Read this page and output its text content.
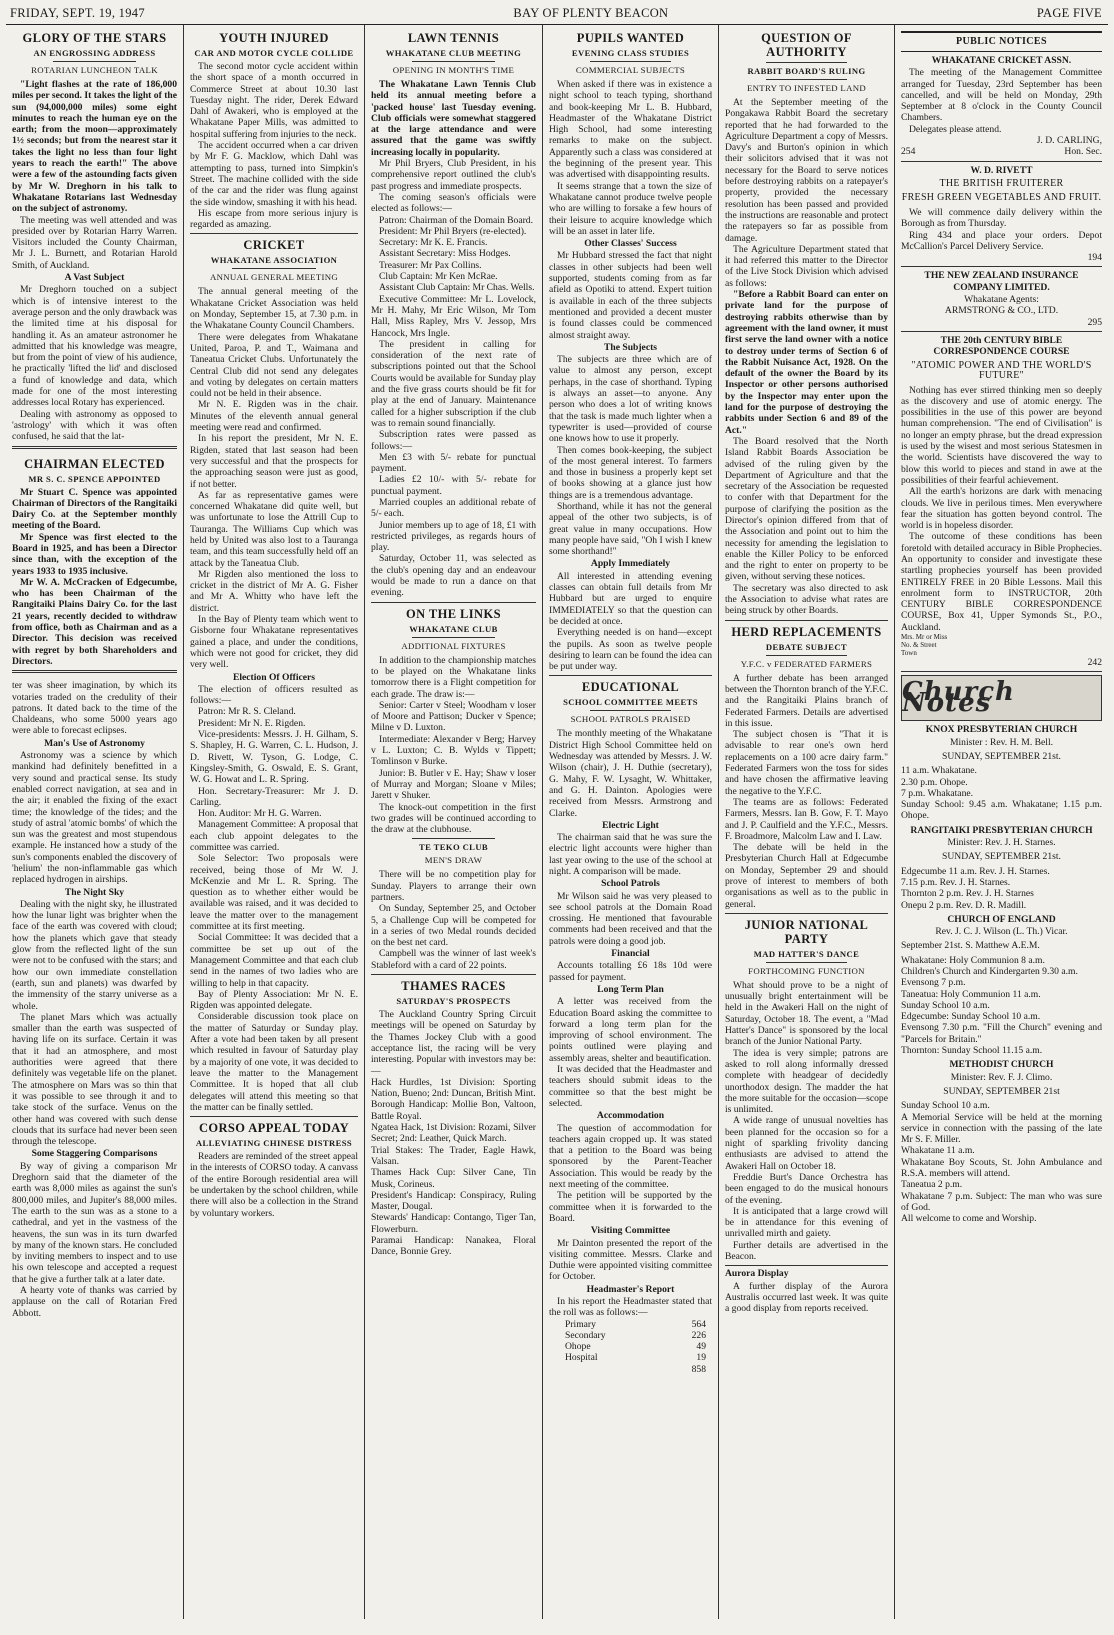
FRIDAY, SEPT. 19, 1947	BAY OF PLENTY BEACON	PAGE FIVE
GLORY OF THE STARS
AN ENGROSSING ADDRESS
ROTARIAN LUNCHEON TALK

"Light flashes at the rate of 186,000 miles per second. It takes the light of the sun (94,000,000 miles) some eight minutes to reach the human eye on the earth; from the moon—approximately 1½ seconds; but from the nearest star it takes the light no less than four light years to reach the earth!" The above were a few of the astounding facts given by Mr W. Dreghorn in his talk to Whakatane Rotarians last Wednesday on the subject of astronomy.

The meeting was well attended and was presided over by Rotarian Harry Warren. Visitors included the County Chairman, Mr J. L. Burnett, and Rotarian Harold Smith, of Auckland.

A Vast Subject

Mr Dreghorn touched on a subject which is of intensive interest to the average person and the only drawback was the limited time at his disposal for handling it. As an amateur astronomer he admitted that his knowledge was meagre, but from the point of view of his audience, he practically 'lifted the lid' and disclosed a fund of knowledge and data, which made for one of the most interesting addresses local Rotary has experienced.

Dealing with astronomy as opposed to 'astrology' with which it was often confused, he said that the lat-

CHAIRMAN ELECTED
MR S. C. SPENCE APPOINTED

Mr Stuart C. Spence was appointed Chairman of Directors of the Rangitaiki Dairy Co. at the September monthly meeting of the Board.

Mr Spence was first elected to the Board in 1925, and has been a Director since than, with the exception of the years 1933 to 1935 inclusive.

Mr W. A. McCracken of Edgecumbe, who has been Chairman of the Rangitaiki Plains Dairy Co. for the last 21 years, recently decided to withdraw from office, both as Chairman and as a Director. This decision was received with regret by both Shareholders and Directors.

ter was sheer imagination, by which its votaries traded on the credulity of their patrons. It dated back to the time of the Chaldeans, who some 5000 years ago were able to forecast eclipses.

Man's Use of Astronomy

Astronomy was a science by which mankind had definitely benefitted in a very sound and practical sense. Its study enabled correct navigation, at sea and in the air; it enabled the fixing of the exact time; the knowledge of the tides; and the study of astral 'atomic bombs' of which the sun was the greatest and most stupendous example. He instanced how a study of the sun's components enabled the discovery of 'helium' the non-inflammable gas which replaced hydrogen in airships.

The Night Sky

Dealing with the night sky, he illustrated how the lunar light was brighter when the face of the earth was covered with cloud; how the planets which gave that steady glow from the reflected light of the sun were not to be confused with the stars; and how our own immediate constellation (earth, sun and planets) was dwarfed by the immensity of the starry universe as a whole.

The planet Mars which was actually smaller than the earth was suspected of having life on its surface. Certain it was that it had an atmosphere, and most authorities were agreed that there definitely was vegetable life on the planet. The atmosphere on Mars was so thin that it was possible to see through it and to take stock of the surface. Venus on the other hand was covered with such dense clouds that its surface had never been seen through the telescope.

Some Staggering Comparisons

By way of giving a comparison Mr Dreghorn said that the diameter of the earth was 8,000 miles as against the sun's 800,000 miles, and Jupiter's 88,000 miles. The earth to the sun was as a stone to a cathedral, and yet in the vastness of the heavens, the sun was in its turn dwarfed by many of the known stars. He concluded by inviting members to inspect and to use his own telescope and accepted a request that he give a further talk at a later date.

A hearty vote of thanks was carried by applause on the call of Rotarian Fred Abbott.

YOUTH INJURED
CAR AND MOTOR CYCLE COLLIDE

The second motor cycle accident within the short space of a month occurred in Commerce Street at about 10.30 last Tuesday night. The rider, Derek Edward Dahl of Awakeri, who is employed at the Whakatane Paper Mills, was admitted to hospital suffering from injuries to the neck.

The accident occurred when a car driven by Mr F. G. Macklow, which Dahl was attempting to pass, turned into Simpkin's Street. The machine collided with the side of the car and the rider was flung against the side window, smashing it with his head.

His escape from more serious injury is regarded as amazing.

CRICKET
WHAKATANE ASSOCIATION
ANNUAL GENERAL MEETING

The annual general meeting of the Whakatane Cricket Association was held on Monday, September 15, at 7.30 p.m. in the Whakatane County Council Chambers.

There were delegates from Whakatane United, Paroa, P. and T., Waimana and Taneatua Cricket Clubs. Unfortunately the Central Club did not send any delegates and voting by delegates on certain matters could not be held in their absence.

Mr N. E. Rigden was in the chair. Minutes of the eleventh annual general meeting were read and confirmed.

In his report the president, Mr N. E. Rigden, stated that last season had been very successful and that the prospects for the approaching season were just as good, if not better.

As far as representative games were concerned Whakatane did quite well, but was unfortunate to lose the Attrill Cup to Tauranga. The Williams Cup which was held by United was also lost to a Tauranga team, and this team successfully held off an attack by the Taneatua Club.

Mr Rigden also mentioned the loss to cricket in the district of Mr A. G. Fisher and Mr A. Whitty who have left the district.

In the Bay of Plenty team which went to Gisborne four Whakatane representatives gained a place, and under the conditions, which were not good for cricket, they did very well.

Election Of Officers

The election of officers resulted as follows:—

Patron: Mr R. S. Cleland.

President: Mr N. E. Rigden.

Vice-presidents: Messrs. J. H. Gilham, S. S. Shapley, H. G. Warren, C. L. Hudson, J. D. Rivett, W. Tyson, G. Lodge, C. Kingsley-Smith, G. Oswald, E. S. Grant, W. G. Howat and L. R. Spring.

Hon. Secretary-Treasurer: Mr J. D. Carling.

Hon. Auditor: Mr H. G. Warren.

Management Committee: A proposal that each club appoint delegates to the committee was carried.

Sole Selector: Two proposals were received, being those of Mr W. J. McKenzie and Mr L. R. Spring. The question as to whether either would be available was raised, and it was decided to leave the matter over to the management committee at its first meeting.

Social Committee: It was decided that a committee be set up out of the Management Committee and that each club send in the names of two ladies who are willing to help in that capacity.

Bay of Plenty Association: Mr N. E. Rigden was appointed delegate.

Considerable discussion took place on the matter of Saturday or Sunday play. After a vote had been taken by all present which resulted in favour of Saturday play by a majority of one vote, it was decided to leave the matter to the Management Committee. It is hoped that all club delegates will attend this meeting so that the matter can be finally settled.

CORSO APPEAL TODAY
ALLEVIATING CHINESE DISTRESS

Readers are reminded of the street appeal in the interests of CORSO today. A canvass of the entire Borough residential area will be undertaken by the school children, while there will also be a collection in the Strand by voluntary workers.

LAWN TENNIS
WHAKATANE CLUB MEETING
OPENING IN MONTH'S TIME

The Whakatane Lawn Tennis Club held its annual meeting before a 'packed house' last Tuesday evening. Club officials were somewhat staggered at the large attendance and were assured that the game was swiftly increasing locally in popularity.

Mr Phil Bryers, Club President, in his comprehensive report outlined the club's past progress and immediate prospects.

The coming season's officials were elected as follows:—

Patron: Chairman of the Domain Board.

President: Mr Phil Bryers (re-elected).

Secretary: Mr K. E. Francis.

Assistant Secretary: Miss Hodges.

Treasurer: Mr Pax Collins.

Club Captain: Mr Ken McRae.

Assistant Club Captain: Mr Chas. Wells.

Executive Committee: Mr L. Lovelock, Mr H. Mahy, Mr Eric Wilson, Mr Tom Hall, Miss Rapley, Mrs V. Jessop, Mrs Hancock, Mrs Ingle.

The president in calling for consideration of the next rate of subscriptions pointed out that the School Courts would be available for Sunday play and the five grass courts should be fit for play at the end of January. Maintenance called for a higher subscription if the club was to remain sound financially.

Subscription rates were passed as follows:—

Men £3 with 5/- rebate for punctual payment.

Ladies £2 10/- with 5/- rebate for punctual payment.

Married couples an additional rebate of 5/- each.

Junior members up to age of 18, £1 with restricted privileges, as regards hours of play.

Saturday, October 11, was selected as the club's opening day and an endeavour would be made to run a dance on that evening.

ON THE LINKS
WHAKATANE CLUB
ADDITIONAL FIXTURES

In addition to the championship matches to be played on the Whakatane links tomorrow there is a Flight competition for each grade. The draw is:—

Senior: Carter v Steel; Woodham v loser of Moore and Pattison; Ducker v Spence; Milne v D. Luxton.

Intermediate: Alexander v Berg; Harvey v L. Luxton; C. B. Wylds v Tippett; Tomlinson v Burke.

Junior: B. Butler v E. Hay; Shaw v loser of Murray and Morgan; Sloane v Miles; Jarett v Shuker.

The knock-out competition in the first two grades will be continued according to the draw at the clubhouse.

TE TEKO CLUB
MEN'S DRAW

There will be no competition play for Sunday. Players to arrange their own partners.

On Sunday, September 25, and October 5, a Challenge Cup will be competed for in a series of two Medal rounds decided on the best net card.

Campbell was the winner of last week's Stableford with a card of 22 points.

THAMES RACES
SATURDAY'S PROSPECTS

The Auckland Country Spring Circuit meetings will be opened on Saturday by the Thames Jockey Club with a good acceptance list, the racing will be very interesting. Popular with investors may be:—

Hack Hurdles, 1st Division: Sporting Nation, Bueno; 2nd: Duncan, British Mint.

Borough Handicap: Mollie Bon, Valtoon, Battle Royal.

Ngatea Hack, 1st Division: Rozami, Silver Secret; 2nd: Leather, Quick March.

Trial Stakes: The Trader, Eagle Hawk, Valsan.

Thames Hack Cup: Silver Cane, Tin Musk, Corineus.

President's Handicap: Conspiracy, Ruling Master, Dougal.

Stewards' Handicap: Contango, Tiger Tan, Flowerburn.

Paramai Handicap: Nanakea, Floral Dance, Bonnie Grey.

PUPILS WANTED
EVENING CLASS STUDIES
COMMERCIAL SUBJECTS

When asked if there was in existence a night school to teach typing, shorthand and book-keeping Mr L. B. Hubbard, Headmaster of the Whakatane District High School, had some interesting remarks to make on the subject. Apparently such a class was considered at the beginning of the present year. This was advertised with disappointing results.

It seems strange that a town the size of Whakatane cannot produce twelve people who are willing to forsake a few hours of their leisure to acquire knowledge which will be an asset in later life.

Other Classes' Success

Mr Hubbard stressed the fact that night classes in other subjects had been well supported, students coming from as far afield as Opotiki to attend. Expert tuition is available in each of the three subjects mentioned and provided a decent muster is found classes could be commenced almost straight away.

The Subjects

The subjects are three which are of value to almost any person, except perhaps, in the case of shorthand. Typing is always an asset—to anyone. Any person who does a lot of writing knows that the task is made much lighter when a typewriter is used—provided of course one knows how to use it properly.

Then comes book-keeping, the subject of the most general interest. To farmers and those in business a properly kept set of books showing at a glance just how things are is a tremendous advantage.

Shorthand, while it has not the general appeal of the other two subjects, is of great value in many occupations. How many people have said, "Oh I wish I knew some shorthand!"

Apply Immediately

All interested in attending evening classes can obtain full details from Mr Hubbard but are urged to enquire IMMEDIATELY so that the question can be decided at once.

Everything needed is on hand—except the pupils. As soon as twelve people desiring to learn can be found the idea can be put under way.

EDUCATIONAL
SCHOOL COMMITTEE MEETS
SCHOOL PATROLS PRAISED

The monthly meeting of the Whakatane District High School Committee held on Wednesday was attended by Messrs. J. W. Wilson (chair), J. H. Duthie (secretary), G. Mahy, F. W. Lysaght, W. Whittaker, and G. H. Dainton. Apologies were received from Messrs. Armstrong and Clarke.

Electric Light

The chairman said that he was sure the electric light accounts were higher than last year owing to the use of the school at night. A comparison will be made.

School Patrols

Mr Wilson said he was very pleased to see school patrols at the Domain Road crossing. He mentioned that favourable comments had been received and that the patrols were doing a good job.

Financial

Accounts totalling £6 18s 10d were passed for payment.

Long Term Plan

A letter was received from the Education Board asking the committee to forward a long term plan for the improving of school environment. The points outlined were playing and assembly areas, shelter and beautification.

It was decided that the Headmaster and teachers should submit ideas to the committee so that the best might be selected.

Accommodation

The question of accommodation for teachers again cropped up. It was stated that a petition to the Board was being sponsored by the Parent-Teacher Association. This would be ready by the next meeting of the committee.

The petition will be supported by the committee when it is forwarded to the Board.

Visiting Committee

Mr Dainton presented the report of the visiting committee. Messrs. Clarke and Duthie were appointed visiting committee for October.

Headmaster's Report

In his report the Headmaster stated that the roll was as follows:—

Primary	564
Secondary	226
Ohope	49
Hospital	19
858
QUESTION OF AUTHORITY
RABBIT BOARD'S RULING
ENTRY TO INFESTED LAND

At the September meeting of the Pongakawa Rabbit Board the secretary reported that he had forwarded to the Agriculture Department a copy of Messrs. Davy's and Burton's opinion in which their solicitors advised that it was not necessary for the Board to serve notices before destroying rabbits on a ratepayer's property, provided the necessary resolution has been passed and provided the instructions are reasonable and protect the ratepayers so far as possible from damage.

The Agriculture Department stated that it had referred this matter to the Director of the Live Stock Division which advised as follows:

"Before a Rabbit Board can enter on private land for the purpose of destroying rabbits otherwise than by agreement with the land owner, it must first serve the land owner with a notice to destroy under terms of Section 6 of the Rabbit Nuisance Act, 1928. On the default of the owner the Board by its Inspector or other persons authorised by the Inspector may enter upon the land for the purpose of destroying the rabbits under Section 6 and 89 of the Act."

The Board resolved that the North Island Rabbit Boards Association be advised of the ruling given by the Department of Agriculture and that the secretary of the Association be requested to confer with that Department for the purpose of clarifying the position as the Director's opinion differed from that of the Association and point out to him the necessity for amending the legislation to enable the Killer Policy to be enforced and the right to enter on property to be given, without serving these notices.

The secretary was also directed to ask the Association to advise what rates are being struck by other Boards.

HERD REPLACEMENTS
DEBATE SUBJECT
Y.F.C. v FEDERATED FARMERS

A further debate has been arranged between the Thornton branch of the Y.F.C. and the Rangitaiki Plains branch of Federated Farmers. Details are advertised in this issue.

The subject chosen is "That it is advisable to rear one's own herd replacements on a 100 acre dairy farm." Federated Farmers won the toss for sides and have chosen the affirmative leaving the negative to the Y.F.C.

The teams are as follows: Federated Farmers, Messrs. Ian B. Gow, F. T. Mayo and J. P. Caulfield and the Y.F.C., Messrs. F. Broadmore, Malcolm Law and I. Law.

The debate will be held in the Presbyterian Church Hall at Edgecumbe on Monday, September 29 and should prove of interest to members of both organisations as well as to the public in general.

JUNIOR NATIONAL PARTY
MAD HATTER'S DANCE
FORTHCOMING FUNCTION

What should prove to be a night of unusually bright entertainment will be held in the Awakeri Hall on the night of Saturday, October 18. The event, a "Mad Hatter's Dance" is sponsored by the local branch of the Junior National Party.

The idea is very simple; patrons are asked to roll along informally dressed complete with headgear of decidedly unorthodox design. The madder the hat the more suitable for the occasion—scope is unlimited.

A wide range of unusual novelties has been planned for the occasion so for a night of sparkling frivolity dancing enthusiasts are advised to attend the Awakeri Hall on October 18.

Freddie Burt's Dance Orchestra has been engaged to do the musical honours of the evening.

It is anticipated that a large crowd will be in attendance for this evening of unrivalled mirth and gaiety.

Further details are advertised in the Beacon.

Aurora Display

A further display of the Aurora Australis occurred last week. It was quite a good display from reports received.

PUBLIC NOTICES
WHAKATANE CRICKET ASSN.

The meeting of the Management Committee arranged for Tuesday, 23rd September has been cancelled, and will be held on Monday, 29th September at 8 o'clock in the County Council Chambers.

Delegates please attend.

J. D. CARLING,
254	Hon. Sec.
W. D. RIVETT
THE BRITISH FRUITERER
FRESH GREEN VEGETABLES AND FRUIT.

We will commence daily delivery within the Borough as from Thursday.

Ring 434 and place your orders. Depot McCallion's Parcel Delivery Service.

194
THE NEW ZEALAND INSURANCE COMPANY LIMITED.
Whakatane Agents:
ARMSTRONG & CO., LTD.
295
THE 20th CENTURY BIBLE CORRESPONDENCE COURSE
"ATOMIC POWER AND THE WORLD'S FUTURE"

Nothing has ever stirred thinking men so deeply as the discovery and use of atomic energy. The possibilities in the use of this power are beyond human comprehension. "The end of Civilisation" is no longer an empty phrase, but the dread expression is used by the wisest and most serious Statesmen in the world. Scientists have discovered the way to blow this world to pieces and stand in awe at the possibilities of their fearful achievement.

All the earth's horizons are dark with menacing clouds. We live in perilous times. Men everywhere fear the situation has gotten beyond control. The world is in hopeless disorder.

The outcome of these conditions has been foretold with detailed accuracy in Bible Prophecies. An opportunity to consider and investigate these startling prophecies yourself has been provided ENTIRELY FREE in 20 Bible Lessons. Mail this enrolment form to INSTRUCTOR, 20th CENTURY BIBLE CORRESPONDENCE COURSE, Box 41, Upper Symonds St., P.O., Auckland.

Mrs. Mr or Miss
No. & Street
Town
242
Church Notes
KNOX PRESBYTERIAN CHURCH
Minister : Rev. H. M. Bell.
SUNDAY, SEPTEMBER 21st.
11 a.m. Whakatane.
2.30 p.m. Ohope.
7 p.m. Whakatane.
Sunday School: 9.45 a.m. Whakatane; 1.15 p.m. Ohope.
RANGITAIKI PRESBYTERIAN CHURCH
Minister: Rev. J. H. Starnes.
SUNDAY, SEPTEMBER 21st.
Edgecumbe 11 a.m. Rev. J. H. Starnes.
7.15 p.m. Rev. J. H. Starnes.
Thornton 2 p.m. Rev. J. H. Starnes
Onepu 2 p.m. Rev. D. R. Madill.
CHURCH OF ENGLAND
Rev. J. C. J. Wilson (L. Th.) Vicar.
September 21st. S. Matthew A.E.M.
Whakatane: Holy Communion 8 a.m.
Children's Church and Kindergarten 9.30 a.m.
Evensong 7 p.m.
Taneatua: Holy Communion 11 a.m.
Sunday School 10 a.m.
Edgecumbe: Sunday School 10 a.m.
Evensong 7.30 p.m. "Fill the Church" evening and "Parcels for Britain."
Thornton: Sunday School 11.15 a.m.
METHODIST CHURCH
Minister: Rev. F. J. Climo.
SUNDAY, SEPTEMBER 21st
Sunday School 10 a.m.
A Memorial Service will be held at the morning service in connection with the passing of the late Mr S. F. Miller.
Whakatane 11 a.m.
Whakatane Boy Scouts, St. John Ambulance and R.S.A. members will attend.
Taneatua 2 p.m.
Whakatane 7 p.m. Subject: The man who was sure of God.
All welcome to come and Worship.
